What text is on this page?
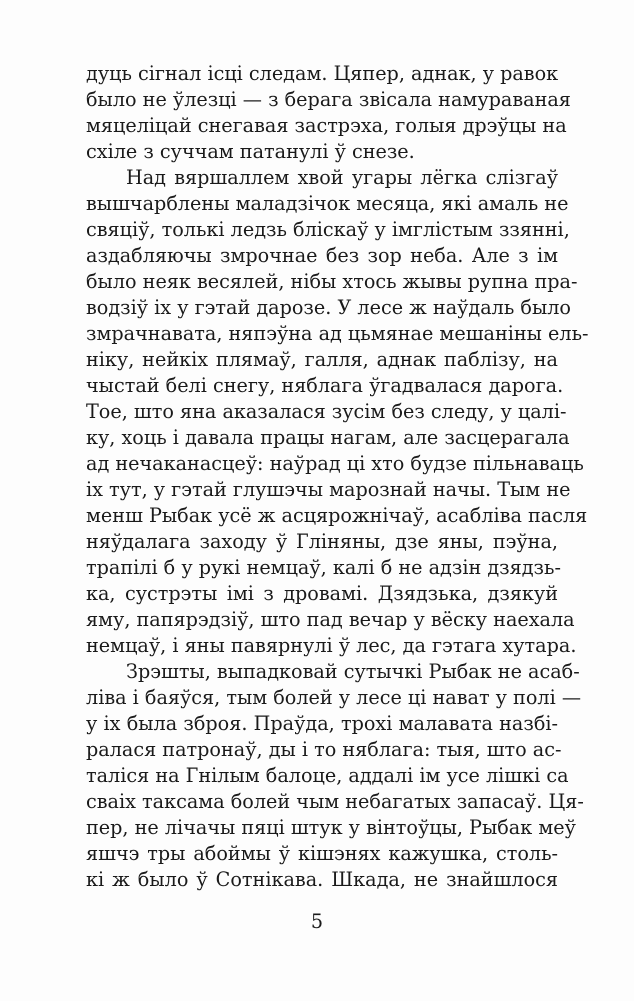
дуць сігнал ісці следам. Цяпер, аднак, у равок
было не ўлезці — з берага звісала намураваная
мяцеліцай снегавая застрэха, голыя дрэўцы на
схіле з суччам патанулі ў снезе.
Над вяршаллем хвой угары лёгка слізгаў
вышчарблены маладзічок месяца, які амаль не
свяціў, толькі ледзь бліскаў у імглістым ззянні,
аздабляючы змрочнае без зор неба. Але з ім
было неяк весялей, нібы хтось жывы рупна пра-
водзіў іх у гэтай дарозе. У лесе ж наўдаль было
змрачнавата, няпэўна ад цьмянае мешаніны ель-
ніку, нейкіх плямаў, галля, аднак паблізу, на
чыстай белі снегу, няблага ўгадвалася дарога.
Тое, што яна аказалася зусім без следу, у цалі-
ку, хоць і давала працы нагам, але засцерагала
ад нечаканасцеў: наўрад ці хто будзе пільнаваць
іх тут, у гэтай глушэчы марознай начы. Тым не
менш Рыбак усё ж асцярожнічаў, асабліва пасля
няўдалага заходу ў Гліняны, дзе яны, пэўна,
трапілі б у рукі немцаў, калі б не адзін дзядзь-
ка, сустрэты імі з дровамі. Дзядзька, дзякуй
яму, папярэдзіў, што пад вечар у вёску наехала
немцаў, і яны павярнулі ў лес, да гэтага хутара.
Зрэшты, выпадковай сутычкі Рыбак не асаб-
ліва і баяўся, тым болей у лесе ці нават у полі —
у іх была зброя. Праўда, трохі малавата назбі-
ралася патронаў, ды і то няблага: тыя, што ас-
таліся на Гнілым балоце, аддалі ім усе лішкі са
сваіх таксама болей чым небагатых запасаў. Ця-
пер, не лічачы пяці штук у вінтоўцы, Рыбак меў
яшчэ тры абоймы ў кішэнях кажушка, столь-
кі ж было ў Сотнікава. Шкада, не знайшлося
5
